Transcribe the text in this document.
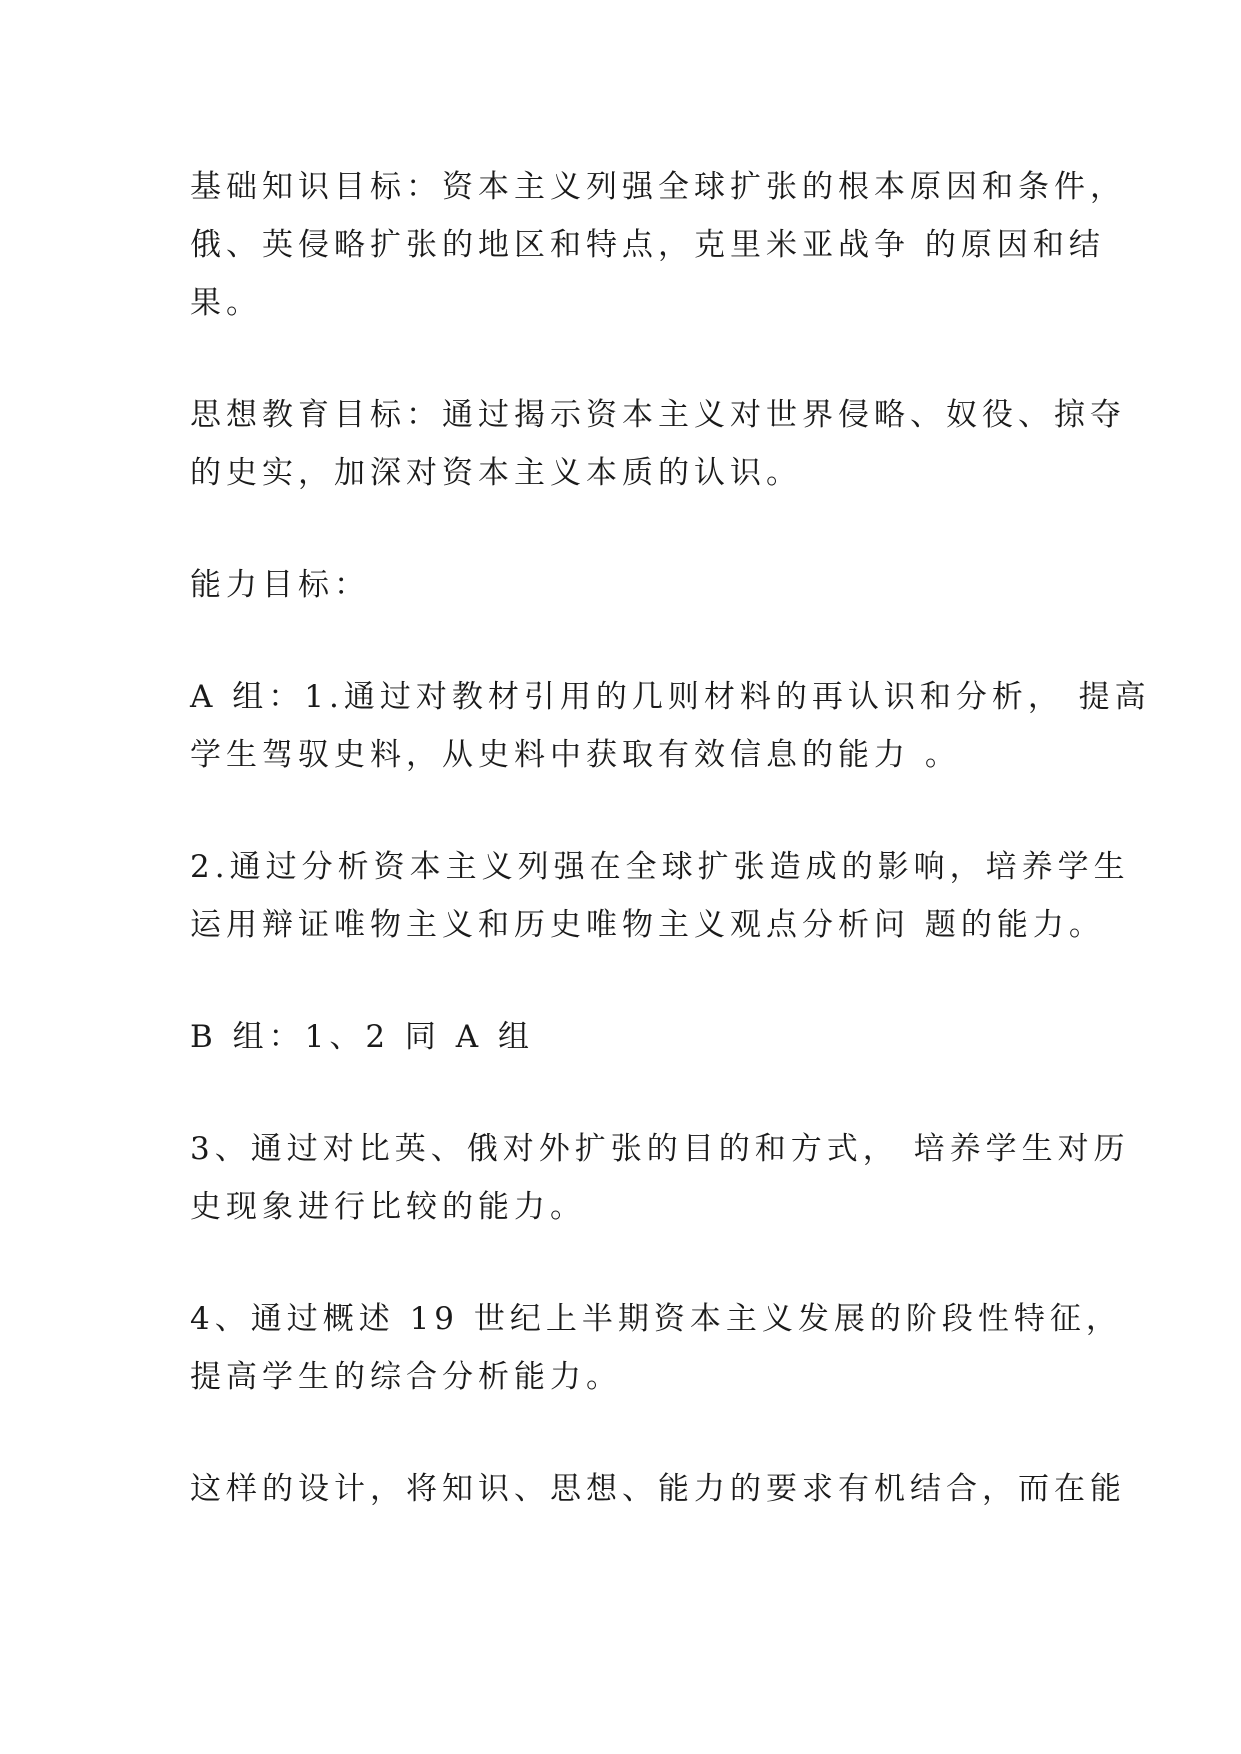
基础知识目标：资本主义列强全球扩张的根本原因和条件，
俄、英侵略扩张的地区和特点，克里米亚战争 的原因和结
果。

思想教育目标：通过揭示资本主义对世界侵略、奴役、掠夺
的史实，加深对资本主义本质的认识。

能力目标：

A 组：1.通过对教材引用的几则材料的再认识和分析， 提高
学生驾驭史料，从史料中获取有效信息的能力 。

2.通过分析资本主义列强在全球扩张造成的影响，培养学生
运用辩证唯物主义和历史唯物主义观点分析问 题的能力。

B 组：1、2 同 A 组

3、通过对比英、俄对外扩张的目的和方式， 培养学生对历
史现象进行比较的能力。

4、通过概述 19 世纪上半期资本主义发展的阶段性特征，
提高学生的综合分析能力。

这样的设计，将知识、思想、能力的要求有机结合，而在能
